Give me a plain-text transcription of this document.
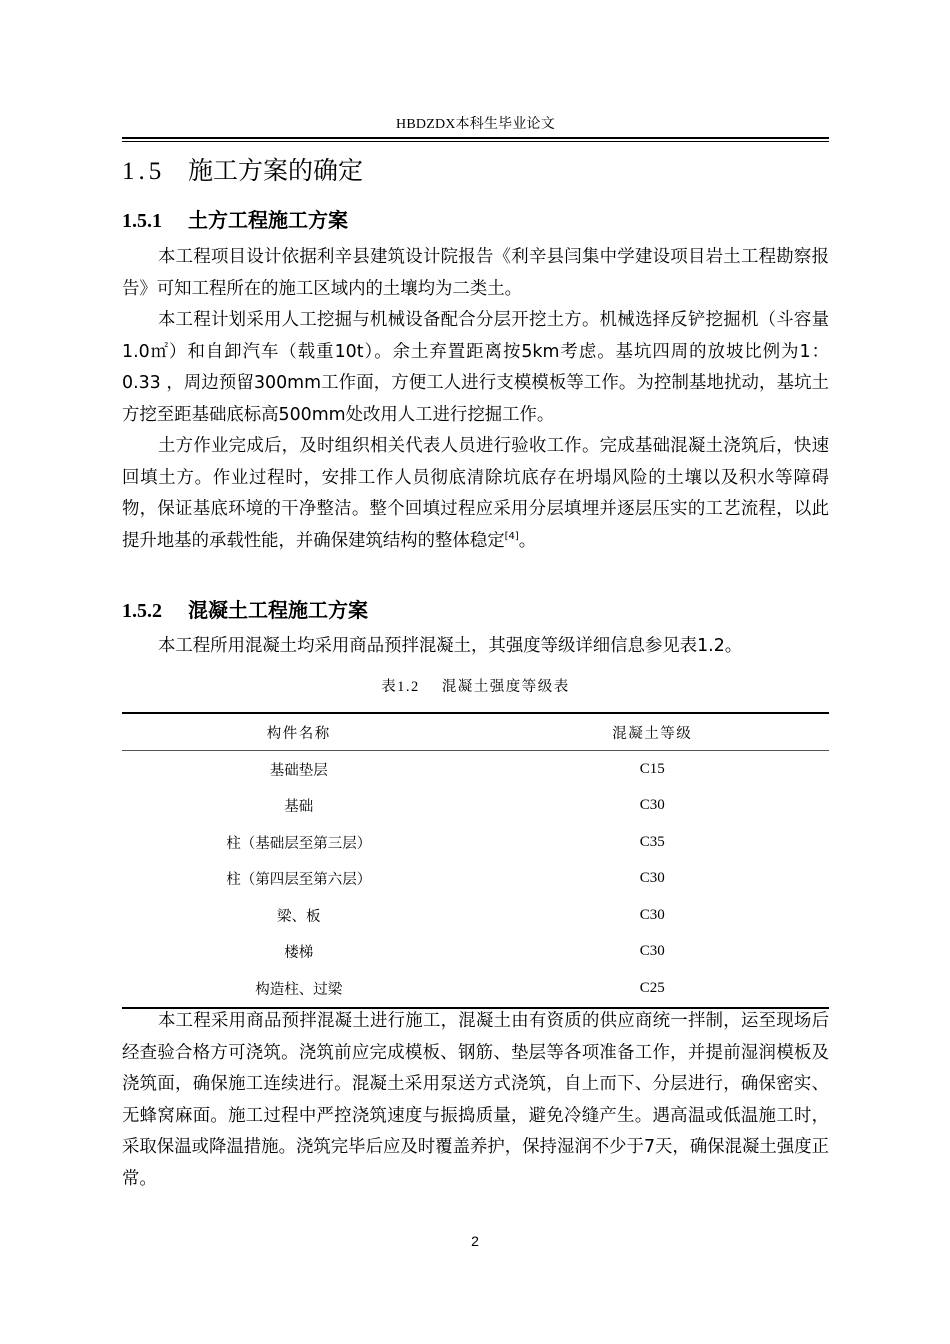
HBDZDX本科生毕业论文
1.5 施工方案的确定
1.5.1 土方工程施工方案

本工程项目设计依据利辛县建筑设计院报告《利辛县闫集中学建设项目岩土工程勘察报告》可知工程所在的施工区域内的土壤均为二类土。

本工程计划采用人工挖掘与机械设备配合分层开挖土方。机械选择反铲挖掘机（斗容量1.0㎡）和自卸汽车（载重10t）。余土弃置距离按5km考虑。基坑四周的放坡比例为1：0.33 ，周边预留300mm工作面，方便工人进行支模模板等工作。为控制基地扰动，基坑土方挖至距基础底标高500mm处改用人工进行挖掘工作。

土方作业完成后，及时组织相关代表人员进行验收工作。完成基础混凝土浇筑后，快速回填土方。作业过程时，安排工作人员彻底清除坑底存在坍塌风险的土壤以及积水等障碍物，保证基底环境的干净整洁。整个回填过程应采用分层填埋并逐层压实的工艺流程，以此提升地基的承载性能，并确保建筑结构的整体稳定[4]。

1.5.2 混凝土工程施工方案

本工程所用混凝土均采用商品预拌混凝土，其强度等级详细信息参见表1.2。

表1.2 混凝土强度等级表
构件名称	混凝土等级
基础垫层	C15
基础	C30
柱（基础层至第三层）	C35
柱（第四层至第六层）	C30
梁、板	C30
楼梯	C30
构造柱、过梁	C25

本工程采用商品预拌混凝土进行施工，混凝土由有资质的供应商统一拌制，运至现场后经查验合格方可浇筑。浇筑前应完成模板、钢筋、垫层等各项准备工作，并提前湿润模板及浇筑面，确保施工连续进行。混凝土采用泵送方式浇筑，自上而下、分层进行，确保密实、无蜂窝麻面。施工过程中严控浇筑速度与振捣质量，避免冷缝产生。遇高温或低温施工时，采取保温或降温措施。浇筑完毕后应及时覆盖养护，保持湿润不少于7天，确保混凝土强度正常。

2
